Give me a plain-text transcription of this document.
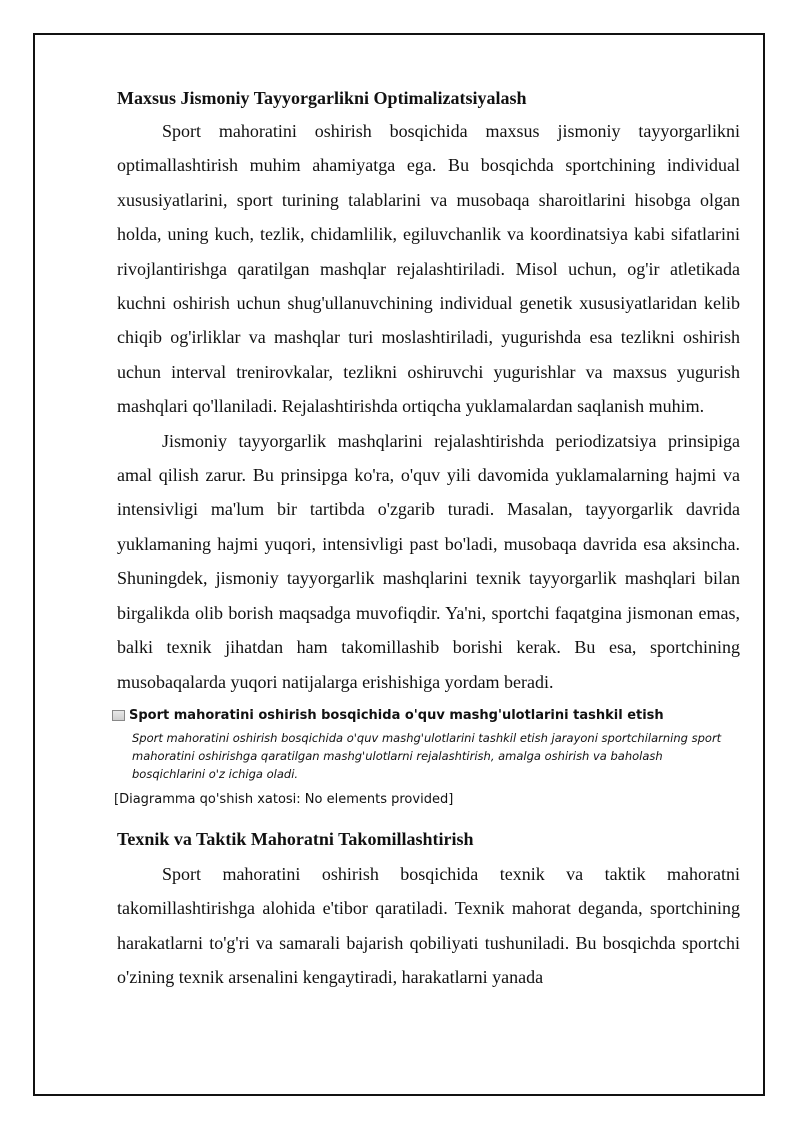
Maxsus Jismoniy Tayyorgarlikni Optimalizatsiyalash

Sport mahoratini oshirish bosqichida maxsus jismoniy tayyorgarlikni optimallashtirish muhim ahamiyatga ega. Bu bosqichda sportchining individual xususiyatlarini, sport turining talablarini va musobaqa sharoitlarini hisobga olgan holda, uning kuch, tezlik, chidamlilik, egiluvchanlik va koordinatsiya kabi sifatlarini rivojlantirishga qaratilgan mashqlar rejalashtiriladi. Misol uchun, og'ir atletikada kuchni oshirish uchun shug'ullanuvchining individual genetik xususiyatlaridan kelib chiqib og'irliklar va mashqlar turi moslashtiriladi, yugurishda esa tezlikni oshirish uchun interval trenirovkalar, tezlikni oshiruvchi yugurishlar va maxsus yugurish mashqlari qo'llaniladi. Rejalashtirishda ortiqcha yuklamalardan saqlanish muhim.

Jismoniy tayyorgarlik mashqlarini rejalashtirishda periodizatsiya prinsipiga amal qilish zarur. Bu prinsipga ko'ra, o'quv yili davomida yuklamalarning hajmi va intensivligi ma'lum bir tartibda o'zgarib turadi. Masalan, tayyorgarlik davrida yuklamaning hajmi yuqori, intensivligi past bo'ladi, musobaqa davrida esa aksincha. Shuningdek, jismoniy tayyorgarlik mashqlarini texnik tayyorgarlik mashqlari bilan birgalikda olib borish maqsadga muvofiqdir. Ya'ni, sportchi faqatgina jismonan emas, balki texnik jihatdan ham takomillashib borishi kerak. Bu esa, sportchining musobaqalarda yuqori natijalarga erishishiga yordam beradi.

Sport mahoratini oshirish bosqichida o'quv mashg'ulotlarini tashkil etish
Sport mahoratini oshirish bosqichida o'quv mashg'ulotlarini tashkil etish jarayoni sportchilarning sport mahoratini oshirishga qaratilgan mashg'ulotlarni rejalashtirish, amalga oshirish va baholash bosqichlarini o'z ichiga oladi.
[Diagramma qo'shish xatosi: No elements provided]
Texnik va Taktik Mahoratni Takomillashtirish

Sport mahoratini oshirish bosqichida texnik va taktik mahoratni takomillashtirishga alohida e'tibor qaratiladi. Texnik mahorat deganda, sportchining harakatlarni to'g'ri va samarali bajarish qobiliyati tushuniladi. Bu bosqichda sportchi o'zining texnik arsenalini kengaytiradi, harakatlarni yanada
